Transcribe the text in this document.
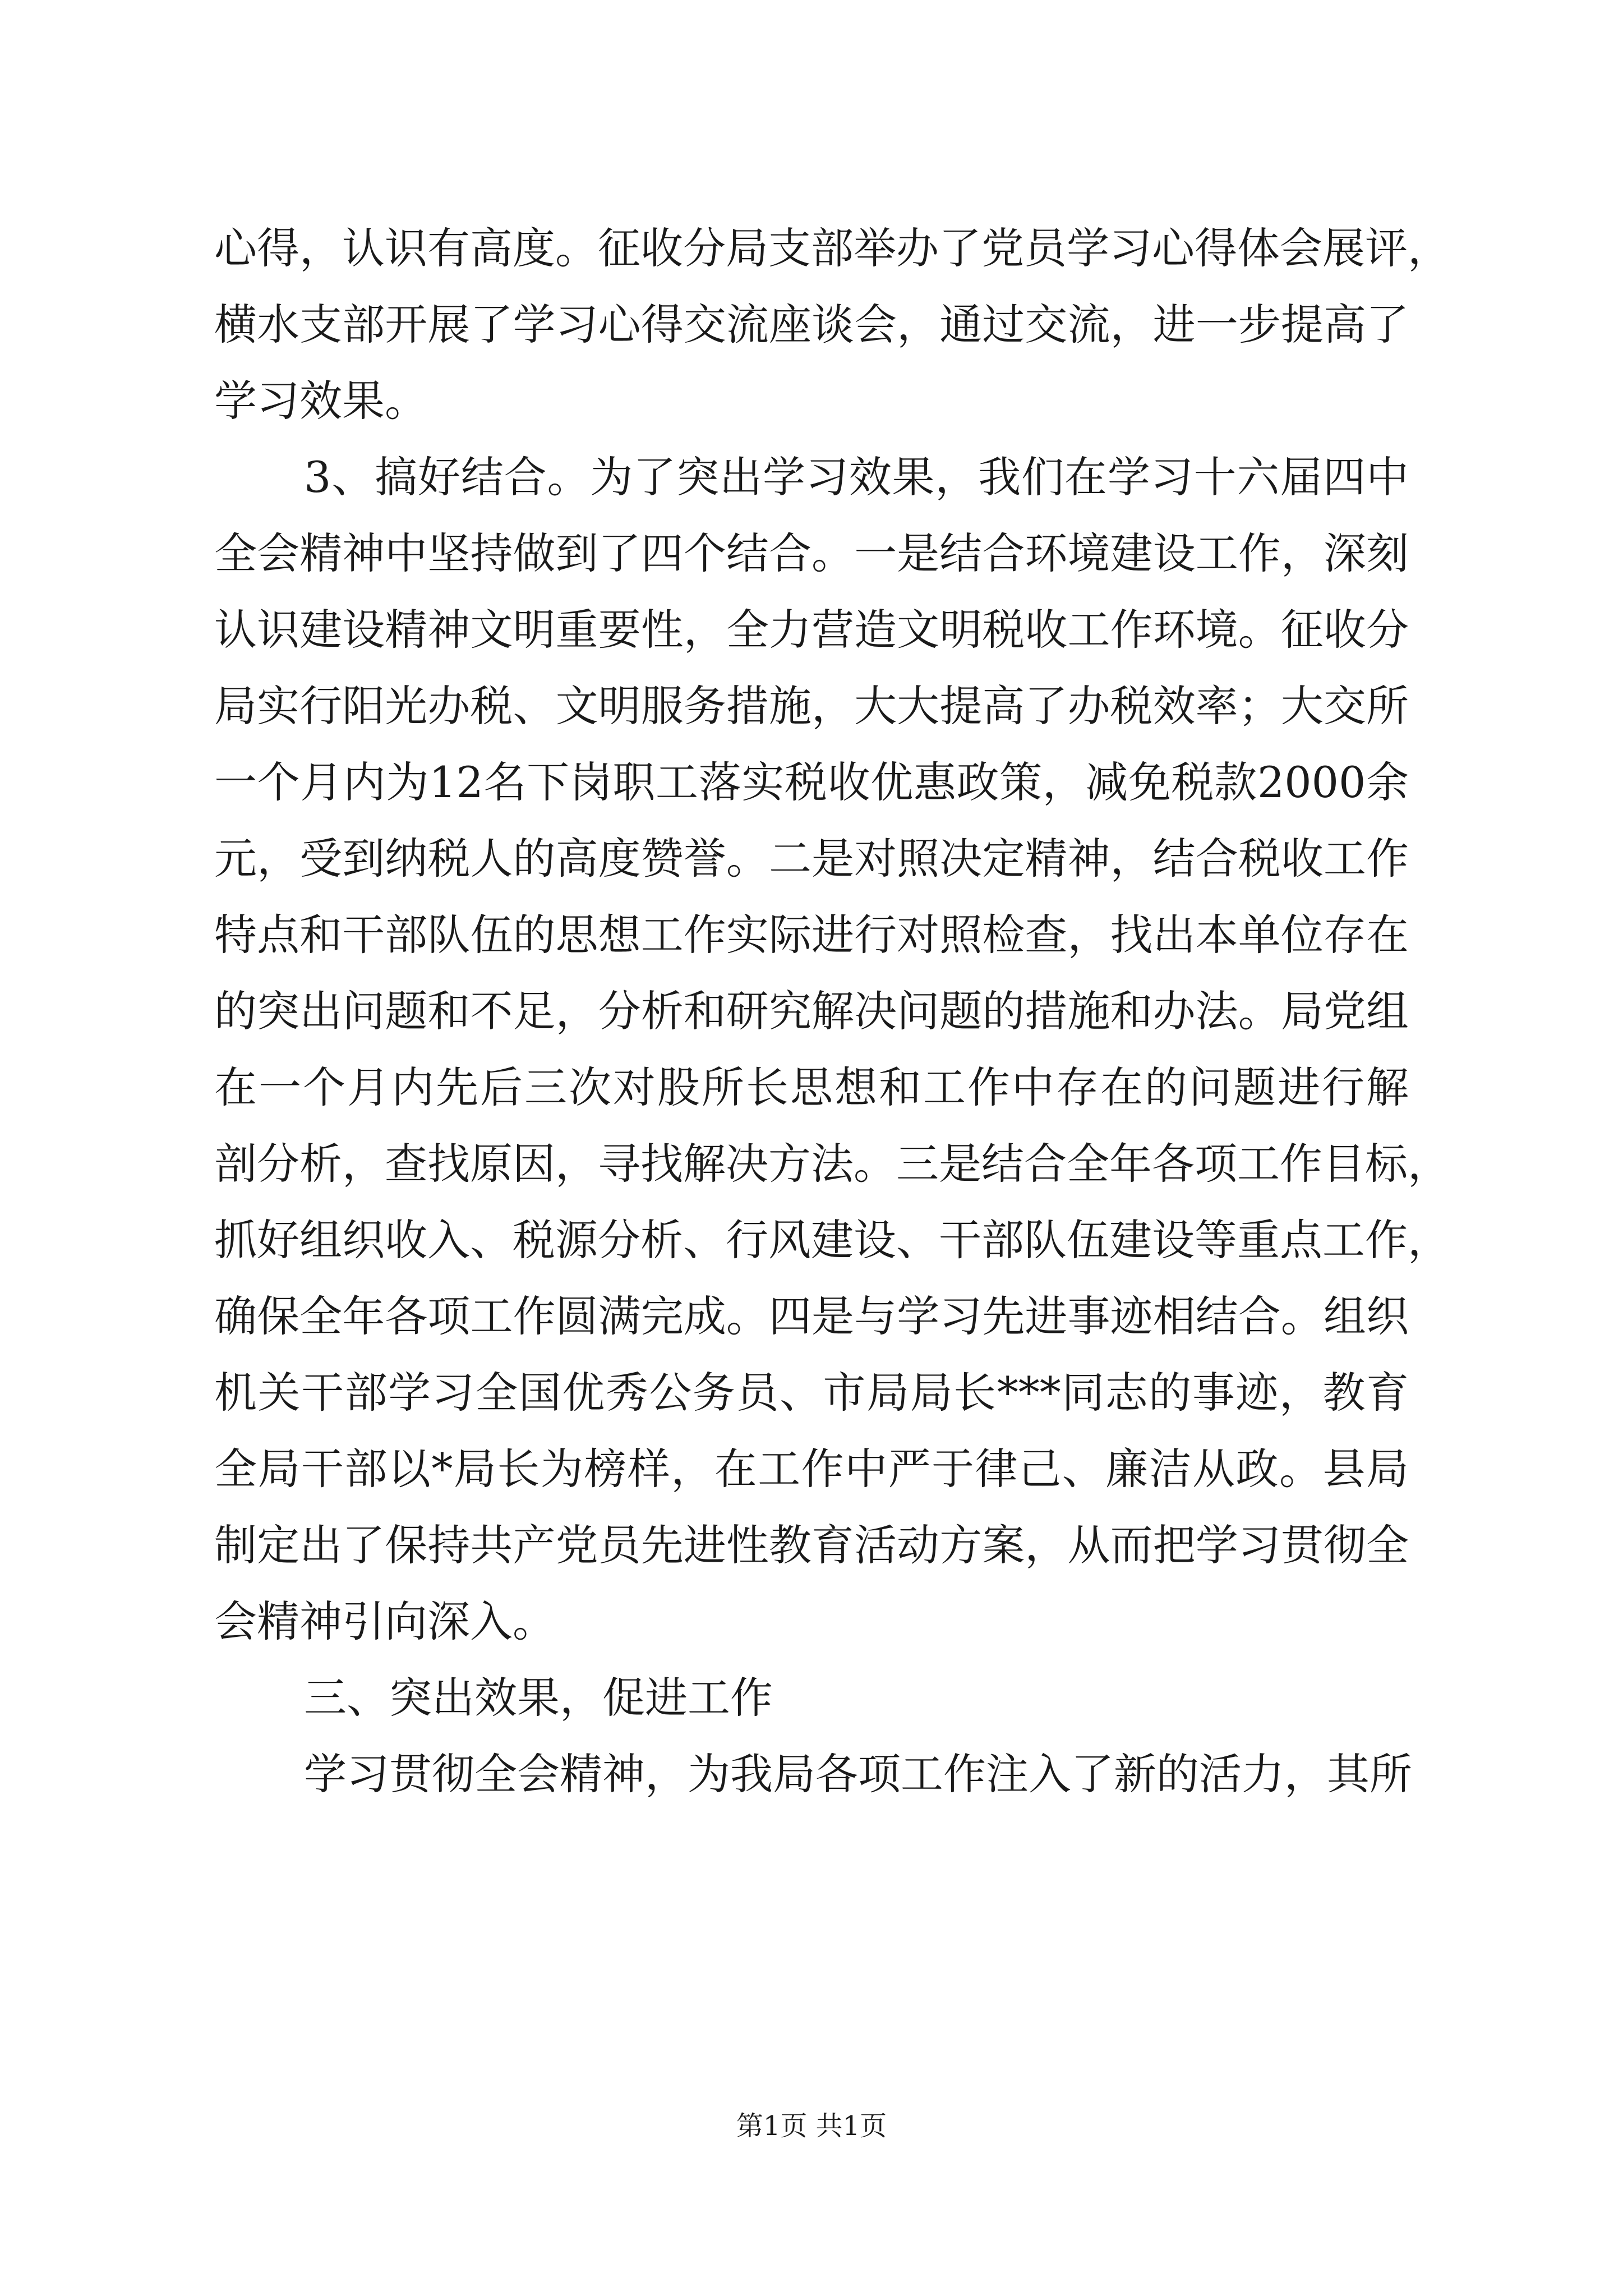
心得，认识有高度。征收分局支部举办了党员学习心得体会展评，
横水支部开展了学习心得交流座谈会，通过交流，进一步提高了
学习效果。
3、搞好结合。为了突出学习效果，我们在学习十六届四中
全会精神中坚持做到了四个结合。一是结合环境建设工作，深刻
认识建设精神文明重要性，全力营造文明税收工作环境。征收分
局实行阳光办税、文明服务措施，大大提高了办税效率；大交所
一个月内为12名下岗职工落实税收优惠政策，减免税款2000余
元，受到纳税人的高度赞誉。二是对照决定精神，结合税收工作
特点和干部队伍的思想工作实际进行对照检查，找出本单位存在
的突出问题和不足，分析和研究解决问题的措施和办法。局党组
在一个月内先后三次对股所长思想和工作中存在的问题进行解
剖分析，查找原因，寻找解决方法。三是结合全年各项工作目标，
抓好组织收入、税源分析、行风建设、干部队伍建设等重点工作，
确保全年各项工作圆满完成。四是与学习先进事迹相结合。组织
机关干部学习全国优秀公务员、市局局长***同志的事迹，教育
全局干部以*局长为榜样，在工作中严于律己、廉洁从政。县局
制定出了保持共产党员先进性教育活动方案，从而把学习贯彻全
会精神引向深入。
三、突出效果，促进工作
学习贯彻全会精神，为我局各项工作注入了新的活力，其所
第1页 共1页
